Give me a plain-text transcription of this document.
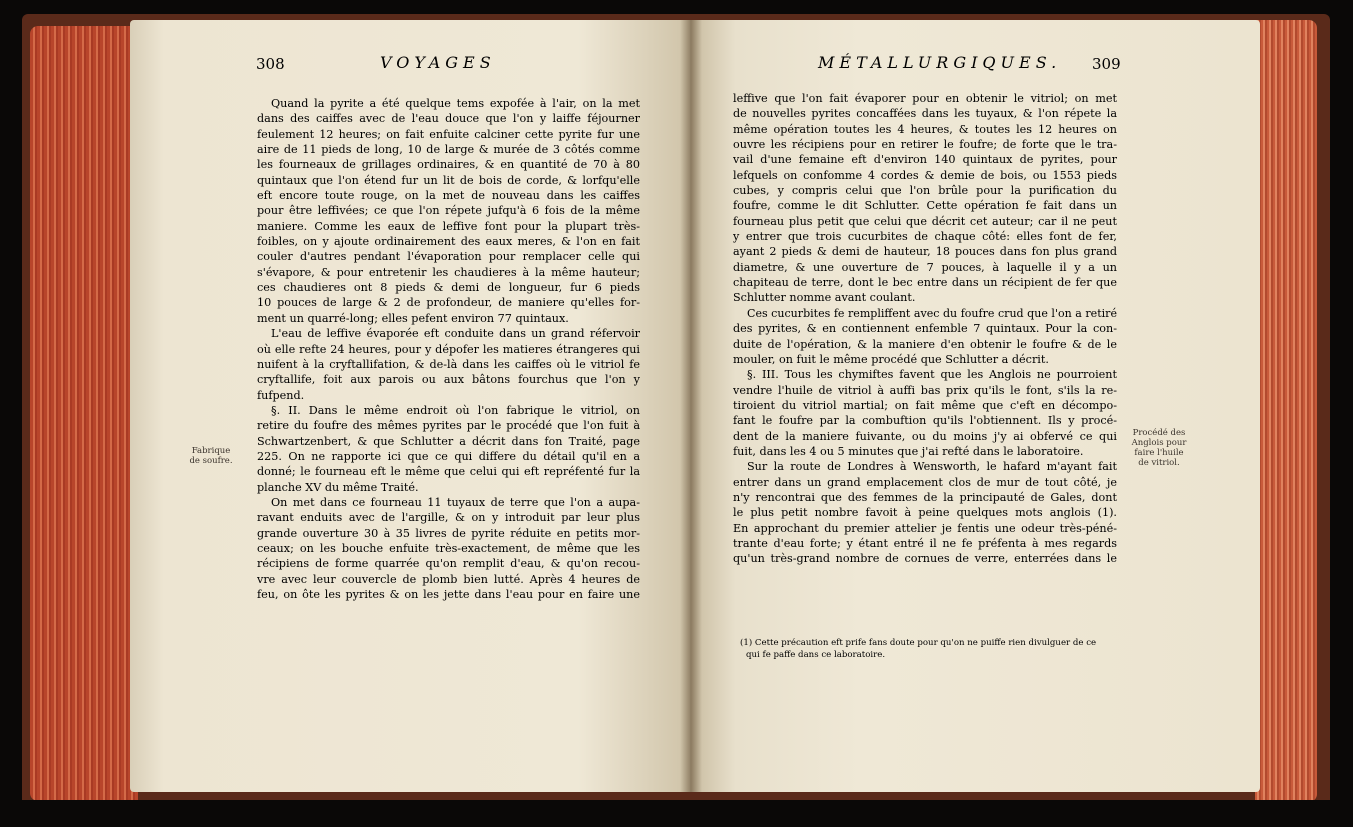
308	VOYAGES
Fabrique
de soufre.
Quand la pyrite a été quelque tems expofée à l'air, on la met
dans des caiffes avec de l'eau douce que l'on y laiffe féjourner
feulement 12 heures; on fait enfuite calciner cette pyrite fur une
aire de 11 pieds de long, 10 de large & murée de 3 côtés comme
les fourneaux de grillages ordinaires, & en quantité de 70 à 80
quintaux que l'on étend fur un lit de bois de corde, & lorfqu'elle
eft encore toute rouge, on la met de nouveau dans les caiffes
pour être leffivées; ce que l'on répete jufqu'à 6 fois de la même
maniere. Comme les eaux de leffive font pour la plupart très-
foibles, on y ajoute ordinairement des eaux meres, & l'on en fait
couler d'autres pendant l'évaporation pour remplacer celle qui
s'évapore, & pour entretenir les chaudieres à la même hauteur;
ces chaudieres ont 8 pieds & demi de longueur, fur 6 pieds
10 pouces de large & 2 de profondeur, de maniere qu'elles for-
ment un quarré-long; elles pefent environ 77 quintaux.
L'eau de leffive évaporée eft conduite dans un grand réfervoir
où elle refte 24 heures, pour y dépofer les matieres étrangeres qui
nuifent à la cryftallifation, & de-là dans les caiffes où le vitriol fe
cryftallife, foit aux parois ou aux bâtons fourchus que l'on y
fufpend.
§. II. Dans le même endroit où l'on fabrique le vitriol, on
retire du foufre des mêmes pyrites par le procédé que l'on fuit à
Schwartzenbert, & que Schlutter a décrit dans fon Traité, page
225. On ne rapporte ici que ce qui differe du détail qu'il en a
donné; le fourneau eft le même que celui qui eft repréfenté fur la
planche XV du même Traité.
On met dans ce fourneau 11 tuyaux de terre que l'on a aupa-
ravant enduits avec de l'argille, & on y introduit par leur plus
grande ouverture 30 à 35 livres de pyrite réduite en petits mor-
ceaux; on les bouche enfuite très-exactement, de même que les
récipiens de forme quarrée qu'on remplit d'eau, & qu'on recou-
vre avec leur couvercle de plomb bien lutté. Après 4 heures de
feu, on ôte les pyrites & on les jette dans l'eau pour en faire une
MÉTALLURGIQUES. 309
Procédé des
Anglois pour
faire l'huile
de vitriol.
leffive que l'on fait évaporer pour en obtenir le vitriol; on met
de nouvelles pyrites concaffées dans les tuyaux, & l'on répete la
même opération toutes les 4 heures, & toutes les 12 heures on
ouvre les récipiens pour en retirer le foufre; de forte que le tra-
vail d'une femaine eft d'environ 140 quintaux de pyrites, pour
lefquels on confomme 4 cordes & demie de bois, ou 1553 pieds
cubes, y compris celui que l'on brûle pour la purification du
foufre, comme le dit Schlutter. Cette opération fe fait dans un
fourneau plus petit que celui que décrit cet auteur; car il ne peut
y entrer que trois cucurbites de chaque côté: elles font de fer,
ayant 2 pieds & demi de hauteur, 18 pouces dans fon plus grand
diametre, & une ouverture de 7 pouces, à laquelle il y a un
chapiteau de terre, dont le bec entre dans un récipient de fer que
Schlutter nomme avant coulant.
Ces cucurbites fe rempliffent avec du foufre crud que l'on a retiré
des pyrites, & en contiennent enfemble 7 quintaux. Pour la con-
duite de l'opération, & la maniere d'en obtenir le foufre & de le
mouler, on fuit le même procédé que Schlutter a décrit.
§. III. Tous les chymiftes favent que les Anglois ne pourroient
vendre l'huile de vitriol à auffi bas prix qu'ils le font, s'ils la re-
tiroient du vitriol martial; on fait même que c'eft en décompo-
fant le foufre par la combuftion qu'ils l'obtiennent. Ils y procé-
dent de la maniere fuivante, ou du moins j'y ai obfervé ce qui
fuit, dans les 4 ou 5 minutes que j'ai refté dans le laboratoire.
Sur la route de Londres à Wensworth, le hafard m'ayant fait
entrer dans un grand emplacement clos de mur de tout côté, je
n'y rencontrai que des femmes de la principauté de Gales, dont
le plus petit nombre favoit à peine quelques mots anglois (1).
En approchant du premier attelier je fentis une odeur très-péné-
trante d'eau forte; y étant entré il ne fe préfenta à mes regards
qu'un très-grand nombre de cornues de verre, enterrées dans le
(1) Cette précaution eft prife fans doute pour qu'on ne puiffe rien divulguer de ce
qui fe paffe dans ce laboratoire.
